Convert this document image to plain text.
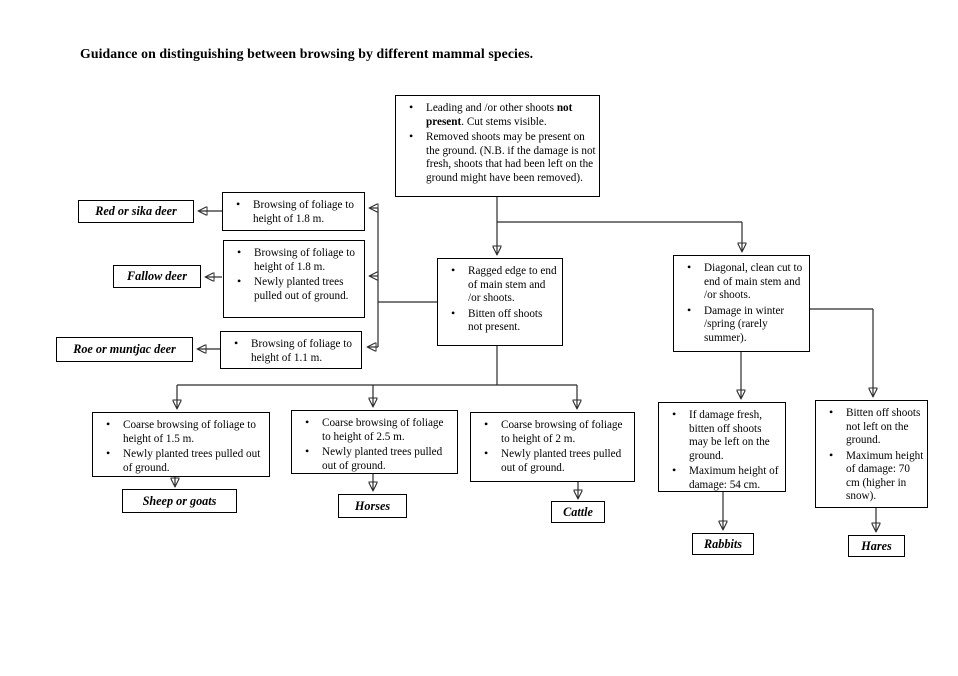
Guidance on distinguishing between browsing by different mammal species.
• Leading and /or other shoots not present. Cut stems visible.
• Removed shoots may be present on the ground. (N.B. if the damage is not fresh, shoots that had been left on the ground might have been removed).
• Ragged edge to end of main stem and /or shoots.
• Bitten off shoots not present.
• Diagonal, clean cut to end of main stem and /or shoots.
• Damage in winter /spring (rarely summer).
• Browsing of foliage to height of 1.8 m.
Red or sika deer
• Browsing of foliage to height of 1.8 m.
• Newly planted trees pulled out of ground.
Fallow deer
• Browsing of foliage to height of 1.1 m.
Roe or muntjac deer
• Coarse browsing of foliage to height of 1.5 m.
• Newly planted trees pulled out of ground.
Sheep or goats
• Coarse browsing of foliage to height of 2.5 m.
• Newly planted trees pulled out of ground.
Horses
• Coarse browsing of foliage to height of 2 m.
• Newly planted trees pulled out of ground.
Cattle
• If damage fresh, bitten off shoots may be left on the ground.
• Maximum height of damage: 54 cm.
Rabbits
• Bitten off shoots not left on the ground.
• Maximum height of damage: 70 cm (higher in snow).
Hares
